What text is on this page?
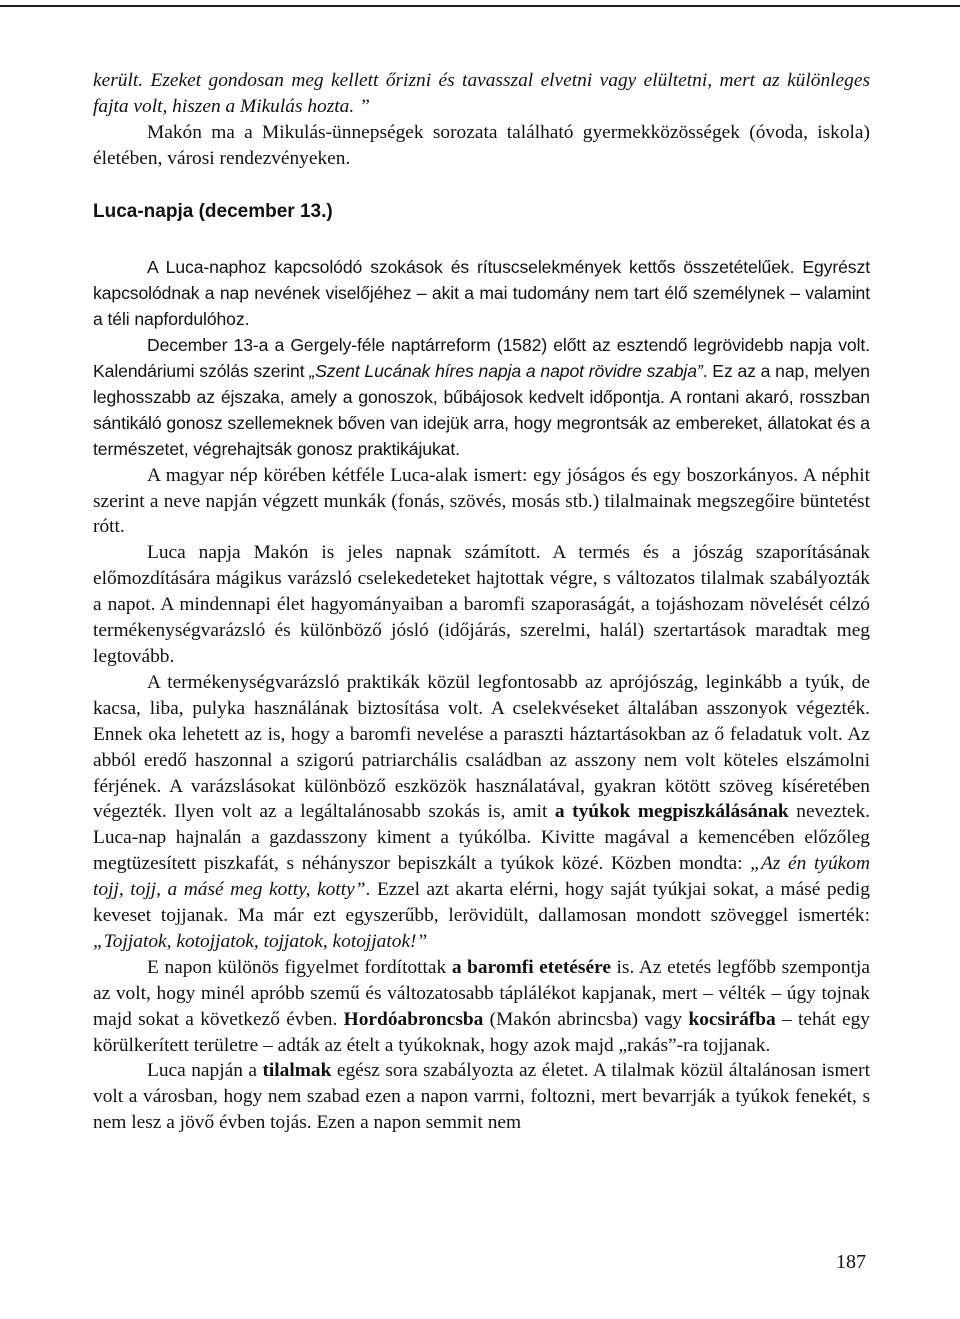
került. Ezeket gondosan meg kellett őrizni és tavasszal elvetni vagy elültetni, mert az különleges fajta volt, hiszen a Mikulás hozta. ”

Makón ma a Mikulás-ünnepségek sorozata található gyermekközösségek (óvoda, iskola) életében, városi rendezvényeken.

Luca-napja (december 13.)

A Luca-naphoz kapcsolódó szokások és rítuscselekmények kettős összetételűek. Egyrészt kapcsolódnak a nap nevének viselőjéhez – akit a mai tudomány nem tart élő személynek – valamint a téli napfordulóhoz.

December 13-a a Gergely-féle naptárreform (1582) előtt az esztendő legrövidebb napja volt. Kalendáriumi szólás szerint „Szent Lucának híres napja a napot rövidre szabja”. Ez az a nap, melyen leghosszabb az éjszaka, amely a gonoszok, bűbájosok kedvelt időpontja. A rontani akaró, rosszban sántikáló gonosz szellemeknek bőven van idejük arra, hogy megrontsák az embereket, állatokat és a természetet, végrehajtsák gonosz praktikájukat.

A magyar nép körében kétféle Luca-alak ismert: egy jóságos és egy boszorkányos. A néphit szerint a neve napján végzett munkák (fonás, szövés, mosás stb.) tilalmainak megszegőire büntetést rótt.

Luca napja Makón is jeles napnak számított. A termés és a jószág szaporításának előmozdítására mágikus varázsló cselekedeteket hajtottak végre, s változatos tilalmak szabályozták a napot. A mindennapi élet hagyományaiban a baromfi szaporaságát, a tojáshozam növelését célzó termékenységvarázsló és különböző jósló (időjárás, szerelmi, halál) szertartások maradtak meg legtovább.

A termékenységvarázsló praktikák közül legfontosabb az aprójószág, leginkább a tyúk, de kacsa, liba, pulyka használának biztosítása volt. A cselekvéseket általában asszonyok végezték. Ennek oka lehetett az is, hogy a baromfi nevelése a paraszti háztartásokban az ő feladatuk volt. Az abból eredő haszonnal a szigorú patriarchális családban az asszony nem volt köteles elszámolni férjének. A varázslásokat különböző eszközök használatával, gyakran kötött szöveg kíséretében végezték. Ilyen volt az a legáltalánosabb szokás is, amit a tyúkok megpiszkálásának neveztek. Luca-nap hajnalán a gazdasszony kiment a tyúkólba. Kivitte magával a kemencében előzőleg megtüzesített piszkafát, s néhányszor bepiszkált a tyúkok közé. Közben mondta: „Az én tyúkom tojj, tojj, a másé meg kotty, kotty”. Ezzel azt akarta elérni, hogy saját tyúkjai sokat, a másé pedig keveset tojjanak. Ma már ezt egyszerűbb, lerövidült, dallamosan mondott szöveggel ismerték: „Tojjatok, kotojjatok, tojjatok, kotojjatok!”

E napon különös figyelmet fordítottak a baromfi etetésére is. Az etetés legfőbb szempontja az volt, hogy minél apróbb szemű és változatosabb táplálékot kapjanak, mert – vélték – úgy tojnak majd sokat a következő évben. Hordóabroncsba (Makón abrincsba) vagy kocsiráfba – tehát egy körülkerített területre – adták az ételt a tyúkoknak, hogy azok majd „rakás”-ra tojjanak.

Luca napján a tilalmak egész sora szabályozta az életet. A tilalmak közül általánosan ismert volt a városban, hogy nem szabad ezen a napon varrni, foltozni, mert bevarrják a tyúkok fenekét, s nem lesz a jövő évben tojás. Ezen a napon semmit nem

187
